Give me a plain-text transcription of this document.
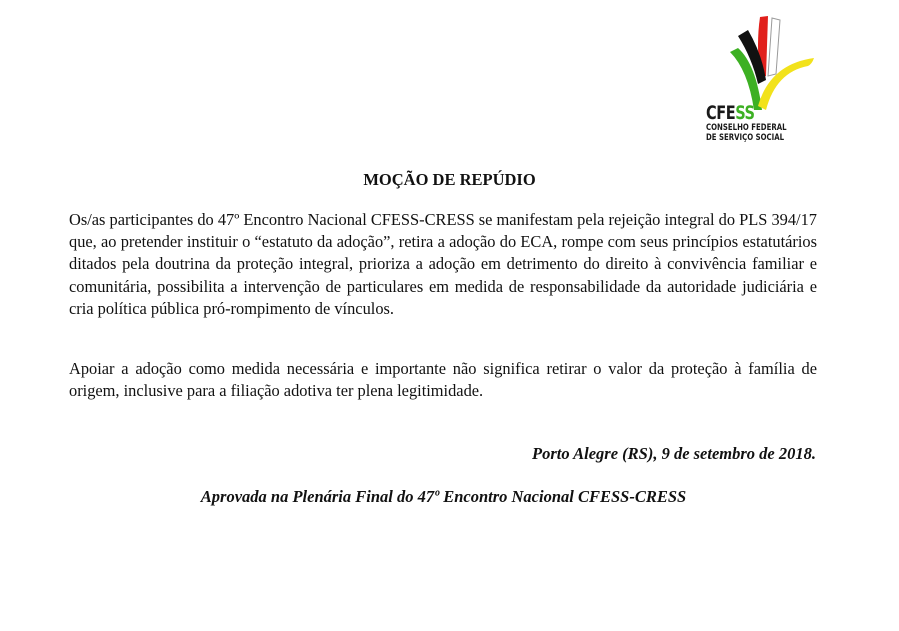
CFESS
CONSELHO FEDERAL
DE SERVIÇO SOCIAL
MOÇÃO DE REPÚDIO

Os/as participantes do 47º Encontro Nacional CFESS-CRESS se manifestam pela rejeição integral do PLS 394/17 que, ao pretender instituir o “estatuto da adoção”, retira a adoção do ECA, rompe com seus princípios estatutários ditados pela doutrina da proteção integral, prioriza a adoção em detrimento do direito à convivência familiar e comunitária, possibilita a intervenção de particulares em medida de responsabilidade da autoridade judiciária e cria política pública pró-rompimento de vínculos.

Apoiar a adoção como medida necessária e importante não significa retirar o valor da proteção à família de origem, inclusive para a filiação adotiva ter plena legitimidade.

Porto Alegre (RS), 9 de setembro de 2018.
Aprovada na Plenária Final do 47º Encontro Nacional CFESS-CRESS
